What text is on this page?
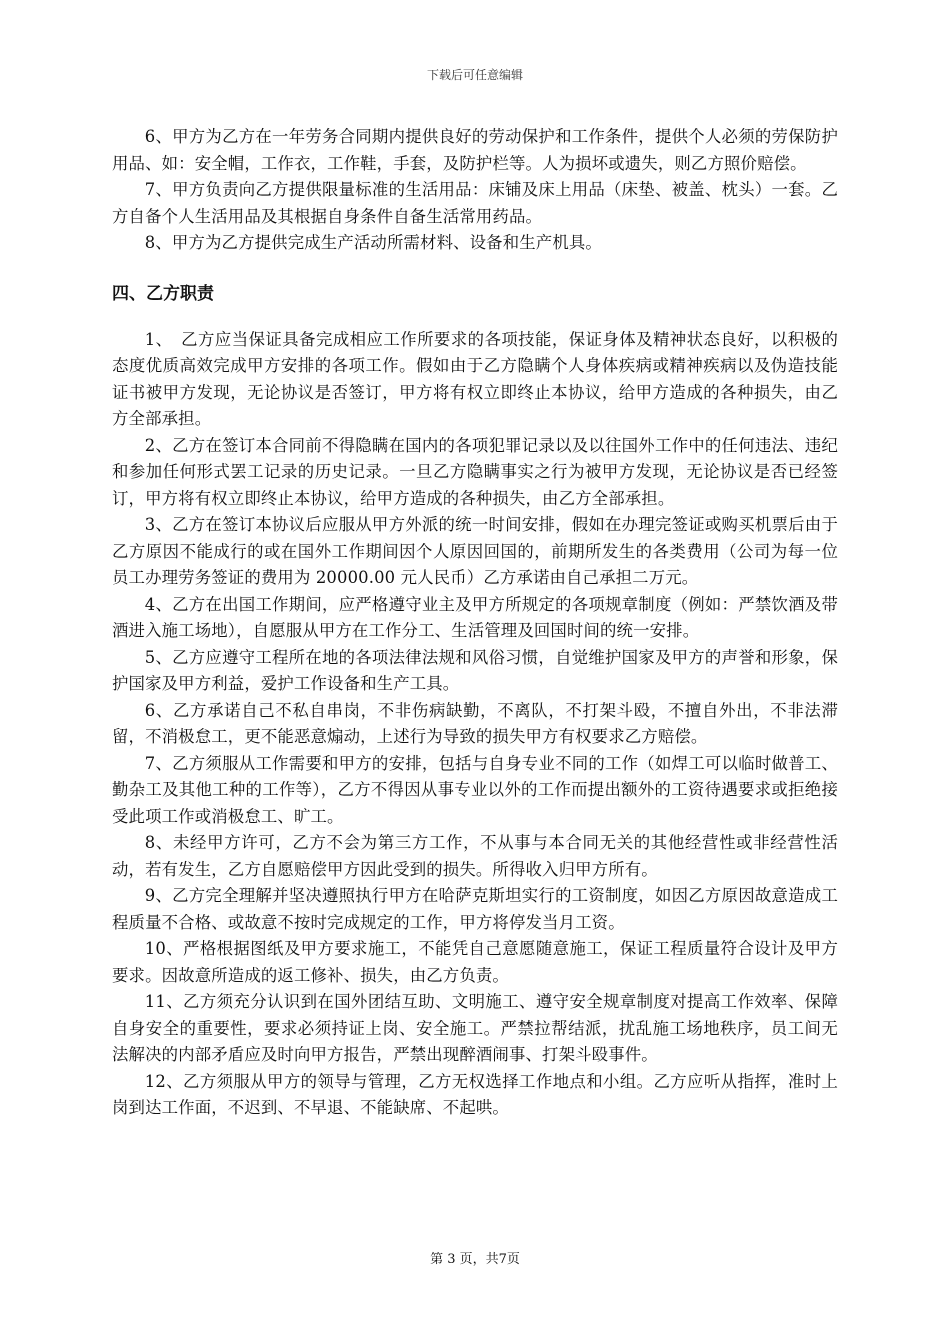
下载后可任意编辑

6、甲方为乙方在一年劳务合同期内提供良好的劳动保护和工作条件，提供个人必须的劳保防护用品、如：安全帽，工作衣，工作鞋，手套，及防护栏等。人为损坏或遗失，则乙方照价赔偿。

7、甲方负责向乙方提供限量标准的生活用品：床铺及床上用品（床垫、被盖、枕头）一套。乙方自备个人生活用品及其根据自身条件自备生活常用药品。

8、甲方为乙方提供完成生产活动所需材料、设备和生产机具。

四、乙方职责

1、　乙方应当保证具备完成相应工作所要求的各项技能，保证身体及精神状态良好，以积极的态度优质高效完成甲方安排的各项工作。假如由于乙方隐瞒个人身体疾病或精神疾病以及伪造技能证书被甲方发现，无论协议是否签订，甲方将有权立即终止本协议，给甲方造成的各种损失，由乙方全部承担。

2、乙方在签订本合同前不得隐瞒在国内的各项犯罪记录以及以往国外工作中的任何违法、违纪和参加任何形式罢工记录的历史记录。一旦乙方隐瞒事实之行为被甲方发现，无论协议是否已经签订，甲方将有权立即终止本协议，给甲方造成的各种损失，由乙方全部承担。

3、乙方在签订本协议后应服从甲方外派的统一时间安排，假如在办理完签证或购买机票后由于乙方原因不能成行的或在国外工作期间因个人原因回国的，前期所发生的各类费用（公司为每一位员工办理劳务签证的费用为 20000.00 元人民币）乙方承诺由自己承担二万元。

4、乙方在出国工作期间，应严格遵守业主及甲方所规定的各项规章制度（例如：严禁饮酒及带酒进入施工场地），自愿服从甲方在工作分工、生活管理及回国时间的统一安排。

5、乙方应遵守工程所在地的各项法律法规和风俗习惯，自觉维护国家及甲方的声誉和形象，保护国家及甲方利益，爱护工作设备和生产工具。

6、乙方承诺自己不私自串岗，不非伤病缺勤，不离队，不打架斗殴，不擅自外出，不非法滞留，不消极怠工，更不能恶意煽动，上述行为导致的损失甲方有权要求乙方赔偿。

7、乙方须服从工作需要和甲方的安排，包括与自身专业不同的工作（如焊工可以临时做普工、勤杂工及其他工种的工作等），乙方不得因从事专业以外的工作而提出额外的工资待遇要求或拒绝接受此项工作或消极怠工、旷工。

8、未经甲方许可，乙方不会为第三方工作，不从事与本合同无关的其他经营性或非经营性活动，若有发生，乙方自愿赔偿甲方因此受到的损失。所得收入归甲方所有。

9、乙方完全理解并坚决遵照执行甲方在哈萨克斯坦实行的工资制度，如因乙方原因故意造成工程质量不合格、或故意不按时完成规定的工作，甲方将停发当月工资。

10、严格根据图纸及甲方要求施工，不能凭自己意愿随意施工，保证工程质量符合设计及甲方要求。因故意所造成的返工修补、损失，由乙方负责。

11、乙方须充分认识到在国外团结互助、文明施工、遵守安全规章制度对提高工作效率、保障自身安全的重要性，要求必须持证上岗、安全施工。严禁拉帮结派，扰乱施工场地秩序，员工间无法解决的内部矛盾应及时向甲方报告，严禁出现醉酒闹事、打架斗殴事件。

12、乙方须服从甲方的领导与管理，乙方无权选择工作地点和小组。乙方应听从指挥，准时上岗到达工作面，不迟到、不早退、不能缺席、不起哄。

第 3 页，共7页
